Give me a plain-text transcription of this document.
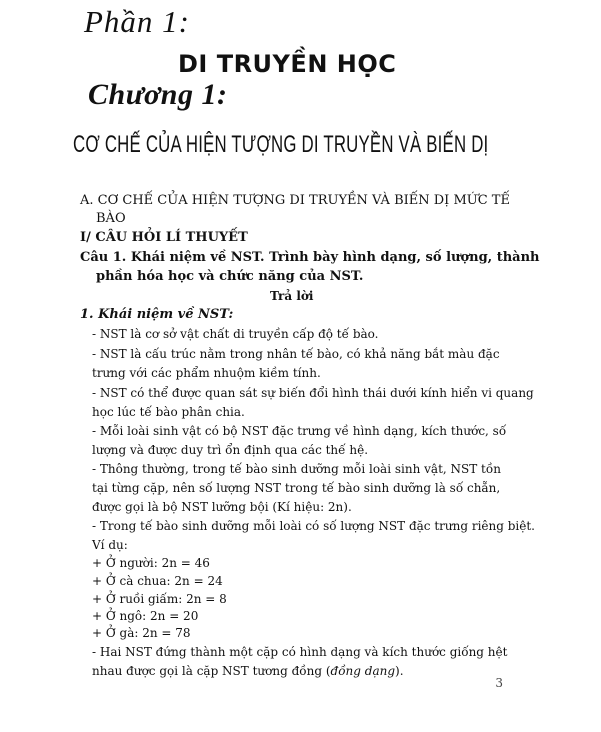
Phần 1:
DI TRUYỀN HỌC
Chương 1:
CƠ CHẾ CỦA HIỆN TƯỢNG DI TRUYỀN VÀ BIẾN DỊ
A. CƠ CHẾ CỦA HIỆN TƯỢNG DI TRUYỀN VÀ BIẾN DỊ MỨC TẾ
BÀO
I/ CÂU HỎI LÍ THUYẾT
Câu 1. Khái niệm về NST. Trình bày hình dạng, số lượng, thành
phần hóa học và chức năng của NST.
Trả lời
1. Khái niệm về NST:
- NST là cơ sở vật chất di truyền cấp độ tế bào.
- NST là cấu trúc nằm trong nhân tế bào, có khả năng bắt màu đặc
trưng với các phẩm nhuộm kiềm tính.
- NST có thể được quan sát sự biến đổi hình thái dưới kính hiển vi quang
học lúc tế bào phân chia.
- Mỗi loài sinh vật có bộ NST đặc trưng về hình dạng, kích thước, số
lượng và được duy trì ổn định qua các thế hệ.
- Thông thường, trong tế bào sinh dưỡng mỗi loài sinh vật, NST tồn
tại từng cặp, nên số lượng NST trong tế bào sinh dưỡng là số chẵn,
được gọi là bộ NST lưỡng bội (Kí hiệu: 2n).
- Trong tế bào sinh dưỡng mỗi loài có số lượng NST đặc trưng riêng biệt.
Ví dụ:
+ Ở người: 2n = 46
+ Ở cà chua: 2n = 24
+ Ở ruồi giấm: 2n = 8
+ Ở ngô: 2n = 20
+ Ở gà: 2n = 78
- Hai NST đứng thành một cặp có hình dạng và kích thước giống hệt
nhau được gọi là cặp NST tương đồng (đồng dạng).
3
